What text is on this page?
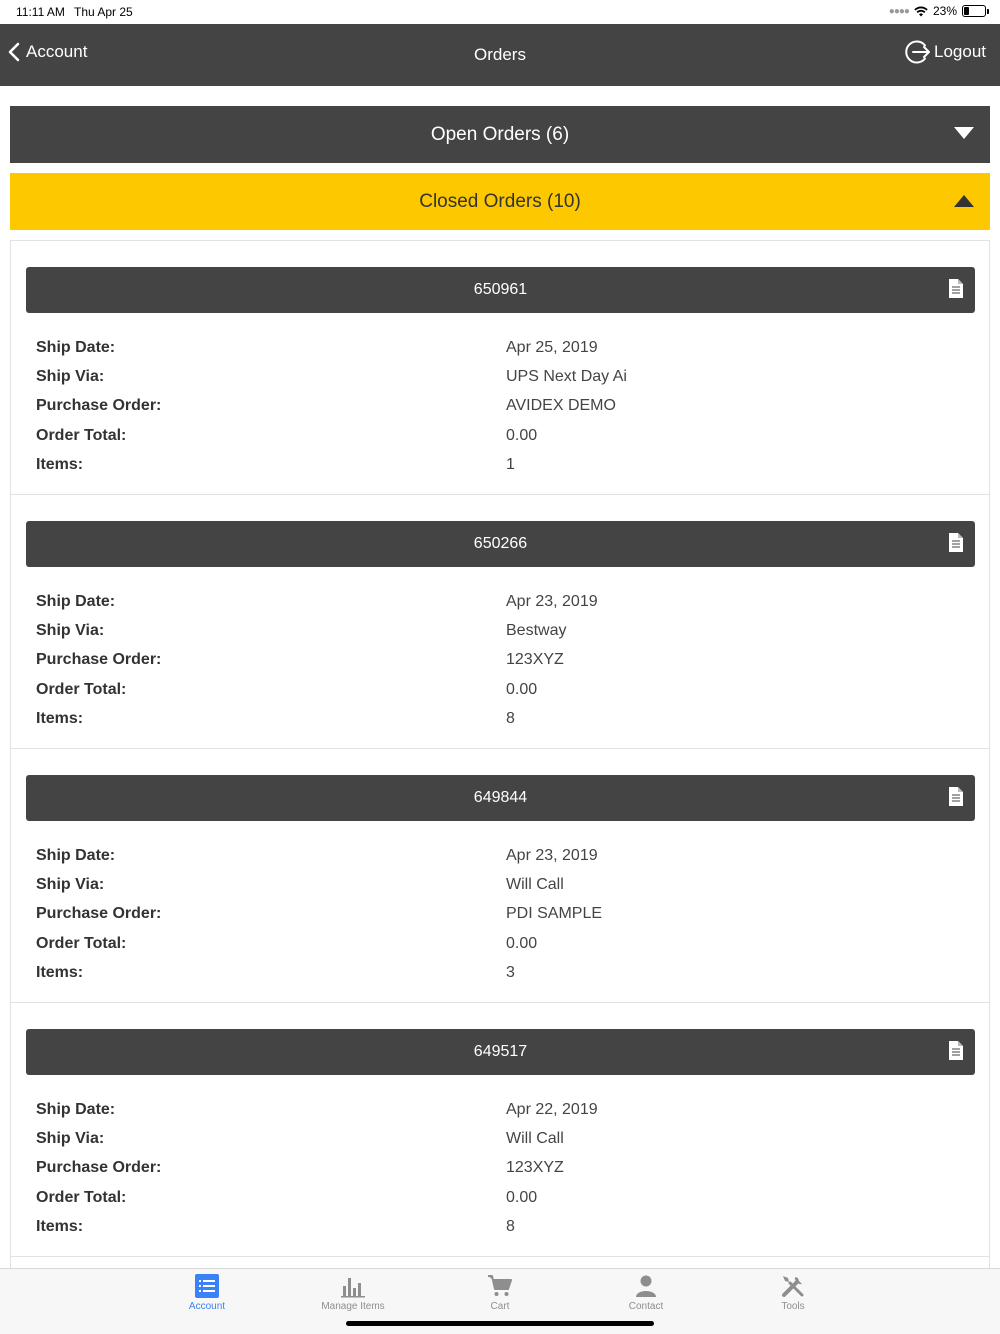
11:11 AM Thu Apr 25	●●●● 23%
Account	Orders	Logout
Open Orders (6)
Closed Orders (10)
650961
Ship Date:	Apr 25, 2019
Ship Via:	UPS Next Day Ai
Purchase Order:	AVIDEX DEMO
Order Total:	0.00
Items:	1
650266
Ship Date:	Apr 23, 2019
Ship Via:	Bestway
Purchase Order:	123XYZ
Order Total:	0.00
Items:	8
649844
Ship Date:	Apr 23, 2019
Ship Via:	Will Call
Purchase Order:	PDI SAMPLE
Order Total:	0.00
Items:	3
649517
Ship Date:	Apr 22, 2019
Ship Via:	Will Call
Purchase Order:	123XYZ
Order Total:	0.00
Items:	8
Account	Manage Items	Cart	Contact	Tools
